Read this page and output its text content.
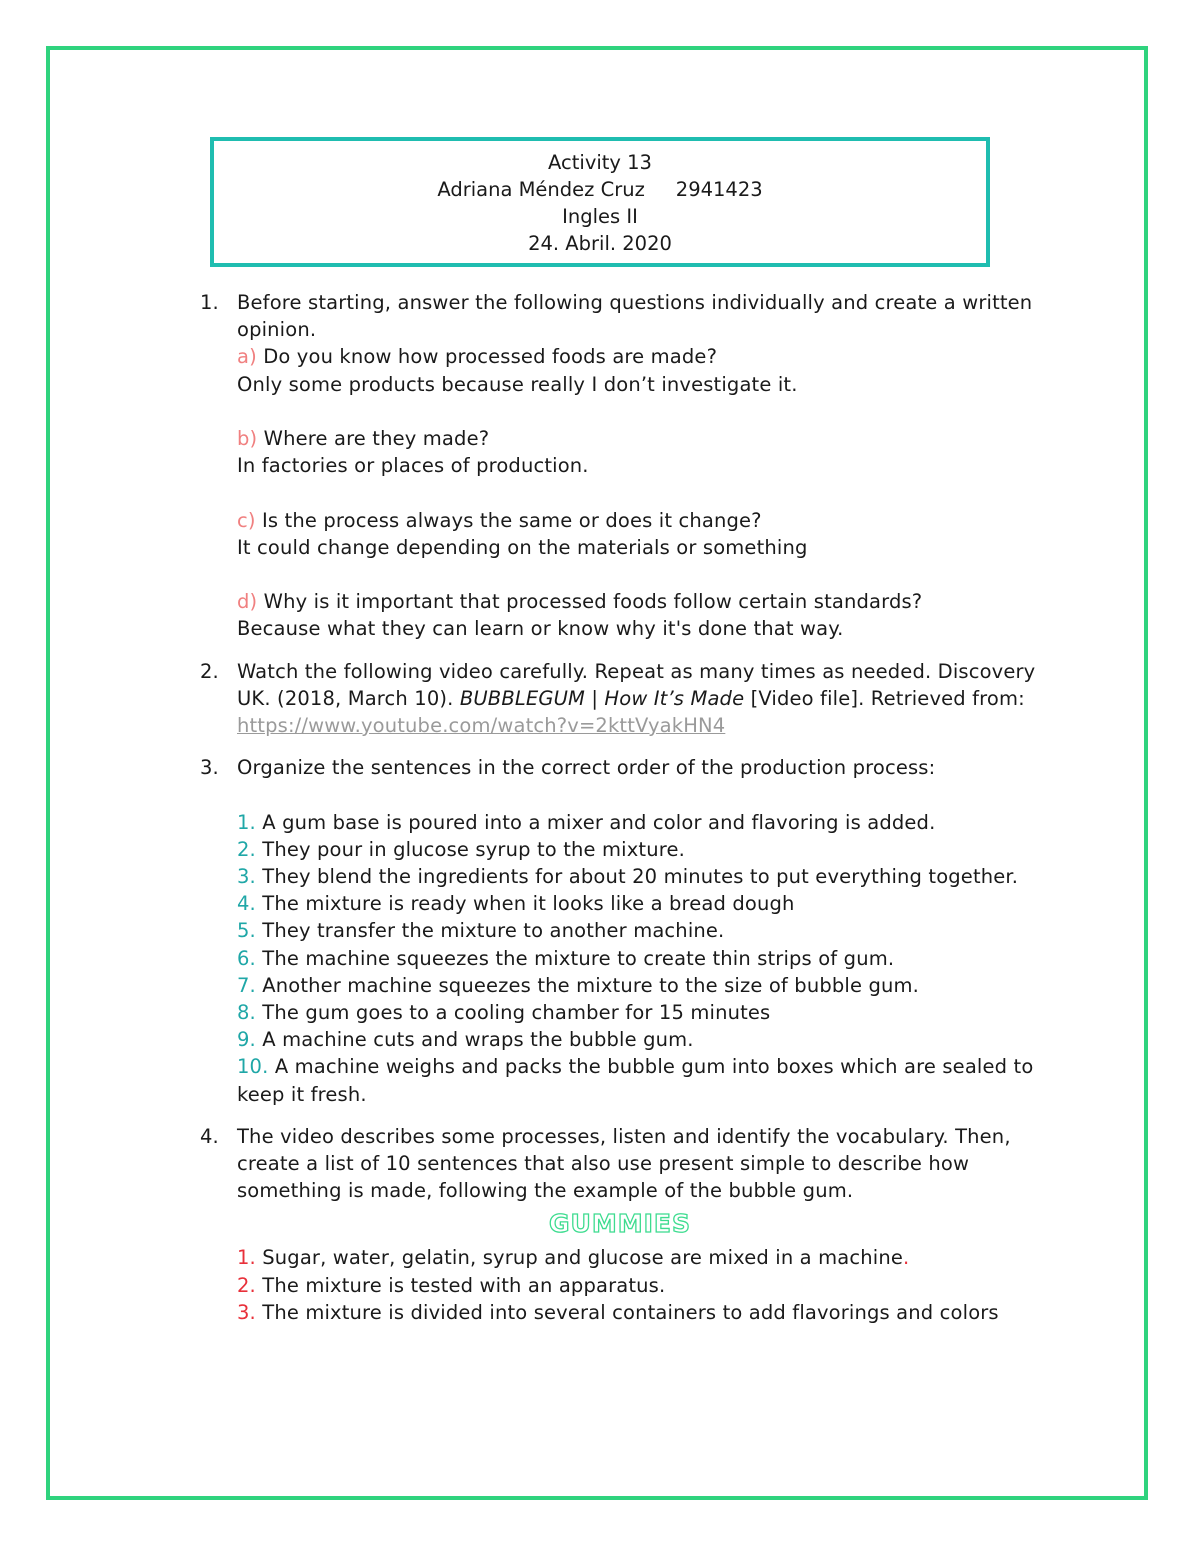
Activity 13
Adriana Méndez Cruz     2941423
Ingles II
24. Abril. 2020
1. Before starting, answer the following questions individually and create a written opinion.
a) Do you know how processed foods are made?
Only some products because really I don’t investigate it.
b) Where are they made?
In factories or places of production.
c) Is the process always the same or does it change?
It could change depending on the materials or something
d) Why is it important that processed foods follow certain standards?
Because what they can learn or know why it's done that way.
2. Watch the following video carefully. Repeat as many times as needed. Discovery UK. (2018, March 10). BUBBLEGUM | How It’s Made [Video file]. Retrieved from: https://www.youtube.com/watch?v=2kttVyakHN4
3. Organize the sentences in the correct order of the production process:
1. A gum base is poured into a mixer and color and flavoring is added.
2. They pour in glucose syrup to the mixture.
3. They blend the ingredients for about 20 minutes to put everything together.
4. The mixture is ready when it looks like a bread dough
5. They transfer the mixture to another machine.
6. The machine squeezes the mixture to create thin strips of gum.
7. Another machine squeezes the mixture to the size of bubble gum.
8. The gum goes to a cooling chamber for 15 minutes
9. A machine cuts and wraps the bubble gum.
10. A machine weighs and packs the bubble gum into boxes which are sealed to keep it fresh.
4. The video describes some processes, listen and identify the vocabulary. Then, create a list of 10 sentences that also use present simple to describe how something is made, following the example of the bubble gum.
GUMMIES
1. Sugar, water, gelatin, syrup and glucose are mixed in a machine.
2. The mixture is tested with an apparatus.
3. The mixture is divided into several containers to add flavorings and colors
